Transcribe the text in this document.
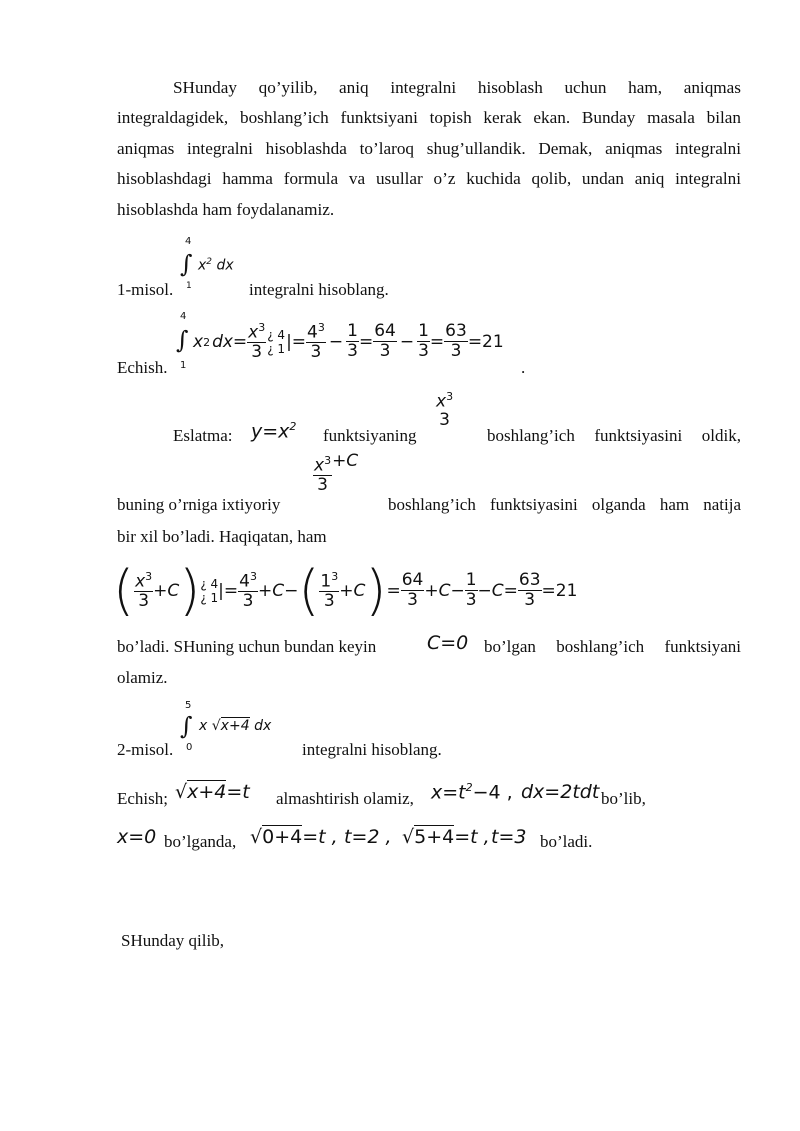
SHunday qo’yilib, aniq integralni hisoblash uchun ham, aniqmas
integraldagidek, boshlang’ich funktsiyani topish kerak ekan. Bunday masala bilan
aniqmas integralni hisoblashda to’laroq shug’ullandik. Demak, aniqmas integralni
hisoblashdagi hamma formula va usullar o’z kuchida qolib, undan aniq integralni
hisoblashda ham foydalanamiz.
4
∫ $x^2$ dx
1
1-misol.	integralni hisoblang.
Echish.
4
∫
1
x 2 dx = $\frac{x^3}{3}$ ¿ 4
¿ 1 |= $\frac{4^3}{3} - \frac{1}{3} = \frac{64}{3} - \frac{1}{3} = \frac{63}{3} =21$
.
Eslatma: $y=x^2$ funktsiyaning
$x^3$
3
boshlang’ich funktsiyasini oldik,
buning o’rniga ixtiyoriy
$\frac{x^3}{3} +C$
boshlang’ich funktsiyasini olganda ham natija
bir xil bo’ladi. Haqiqatan, ham
( $\frac{x^3}{3} +C$ ) ¿ 4
¿ 1 |= $\frac{4^3}{3} +C-$ ( $\frac{1^3}{3} +C$ ) = $\frac{64}{3} +C- \frac{1}{3} -C= \frac{63}{3} =21$
bo’ladi. SHuning uchun bundan keyin	C=0 bo’lgan boshlang’ich funktsiyani
olamiz.
5
∫
0
x √x+4 dx
2-misol.	integralni hisoblang.
Echish; √x+4=t almashtirish olamiz, $x=t^2-4$ , dx=2tdt bo’lib,
x=0 bo’lganda, √0+4=t , t=2 , √5+4=t , t=3 bo’ladi.
SHunday qilib,
